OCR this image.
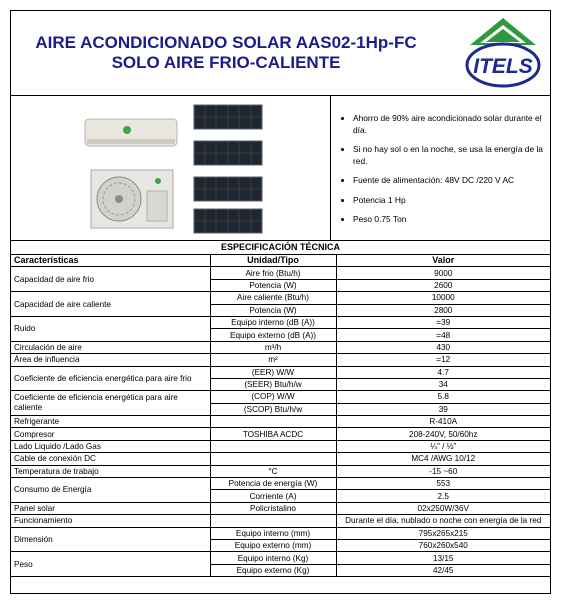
AIRE ACONDICIONADO SOLAR AAS02-1Hp-FC
SOLO AIRE FRIO-CALIENTE	ITELS
• Ahorro de 90% aire acondicionado solar durante el día.
• Si no hay sol o en la noche, se usa la energía de la red.
• Fuente de alimentación: 48V DC /220 V AC
• Potencia 1 Hp
• Peso 0.75 Ton
ESPECIFICACIÓN TÉCNICA
Características	Unidad/Tipo	Valor
Capacidad de aire frio	Aire frio (Btu/h)	9000
	Potencia (W)	2600
Capacidad de aire caliente	Aire caliente (Btu/h)	10000
	Potencia (W)	2800
Ruido	Equipo interno (dB (A))	=39
	Equipo externo (dB (A))	=48
Circulación de aire	m³/h	430
Área de influencia	m²	=12
Coeficiente de eficiencia energética para aire frio	(EER) W/W	4.7
	(SEER) Btu/h/w	34
Coeficiente de eficiencia energética para aire caliente	(COP) W/W	5.8
	(SCOP) Btu/h/w	39
Refrigerante		R-410A
Compresor	TOSHIBA ACDC	208-240V, 50/60hz
Lado Liquido /Lado Gas		¼” / ½”
Cable de conexión DC		MC4 /AWG 10/12
Temperatura de trabajo	°C	-15 ~60
Consumo de Energía	Potencia de energía (W)	553
	Corriente (A)	2.5
Panel solar	Policristalino	02x250W/36V
Funcionamiento		Durante el día, nublado o noche con energía de la red
Dimensión	Equipo interno (mm)	795x265x215
	Equipo externo (mm)	760x260x540
Peso	Equipo interno (Kg)	13/15
	Equipo externo (Kg)	42/45
